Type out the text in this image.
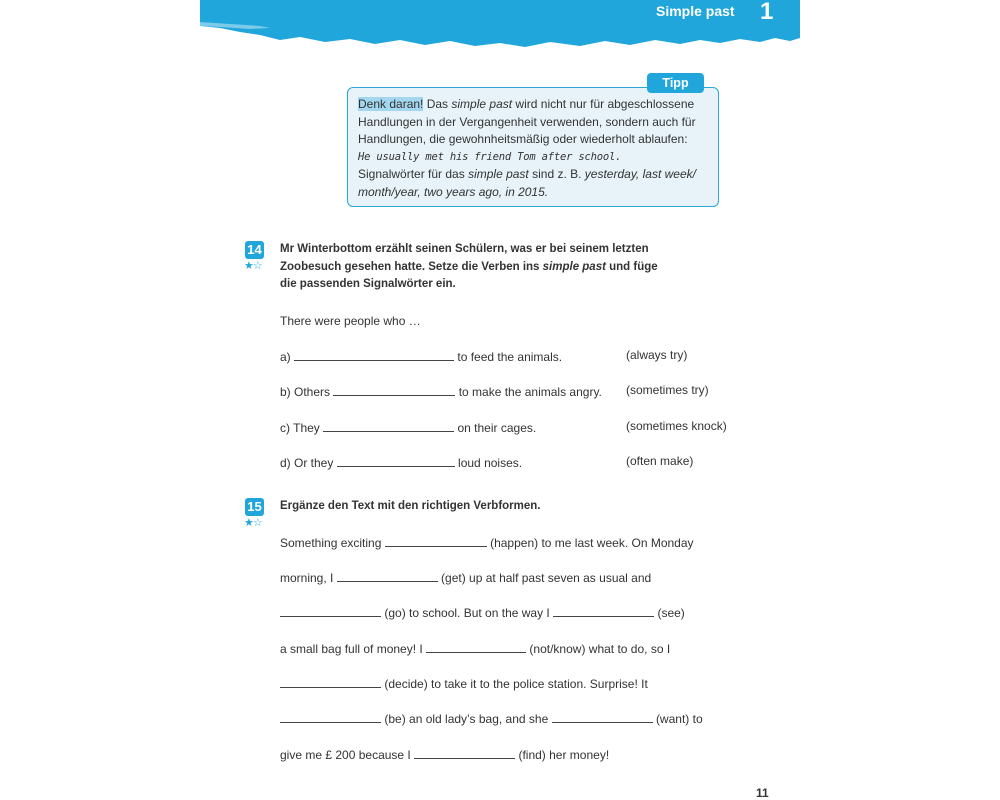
Simple past 1
Tipp
Denk daran! Das simple past wird nicht nur für abgeschlossene
Handlungen in der Vergangenheit verwenden, sondern auch für
Handlungen, die gewohnheitsmäßig oder wiederholt ablaufen:
He usually met his friend Tom after school.
Signalwörter für das simple past sind z. B. yesterday, last week/
month/year, two years ago, in 2015.
14
★☆
Mr Winterbottom erzählt seinen Schülern, was er bei seinem letzten
Zoobesuch gesehen hatte. Setze die Verben ins simple past und füge
die passenden Signalwörter ein.
There were people who …
a)	to feed the animals.	(always try)
b) Others	to make the animals angry. (sometimes try)
c) They	on their cages.	(sometimes knock)
d) Or they	loud noises.	(often make)
15
★☆
Ergänze den Text mit den richtigen Verbformen.
Something exciting	(happen) to me last week. On Monday
morning, I	(get) up at half past seven as usual and
(go) to school. But on the way I	(see)
a small bag full of money! I	(not/know) what to do, so I
(decide) to take it to the police station. Surprise! It
(be) an old lady’s bag, and she	(want) to
give me £ 200 because I	(find) her money!
11
